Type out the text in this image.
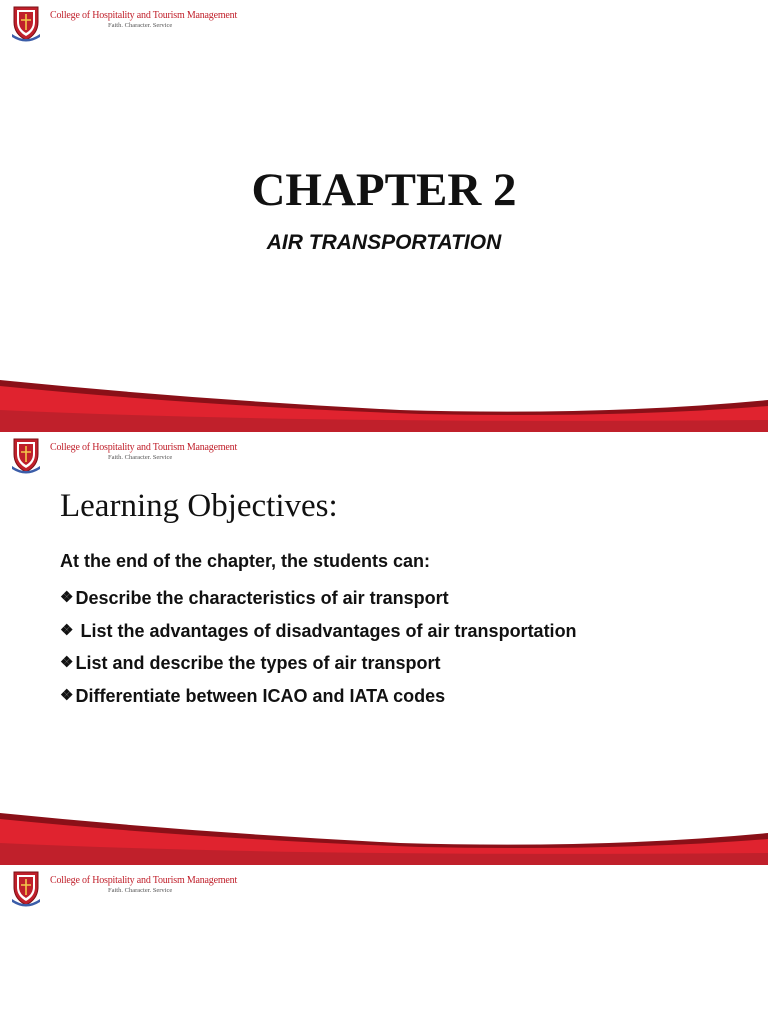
College of Hospitality and Tourism Management
Faith. Character. Service
CHAPTER 2
AIR TRANSPORTATION
College of Hospitality and Tourism Management
Faith. Character. Service
Learning Objectives:

At the end of the chapter, the students can:

❖ Describe the characteristics of air transport
❖ List the advantages of disadvantages of air transportation
❖ List and describe the types of air transport
❖ Differentiate between ICAO and IATA codes
College of Hospitality and Tourism Management
Faith. Character. Service
